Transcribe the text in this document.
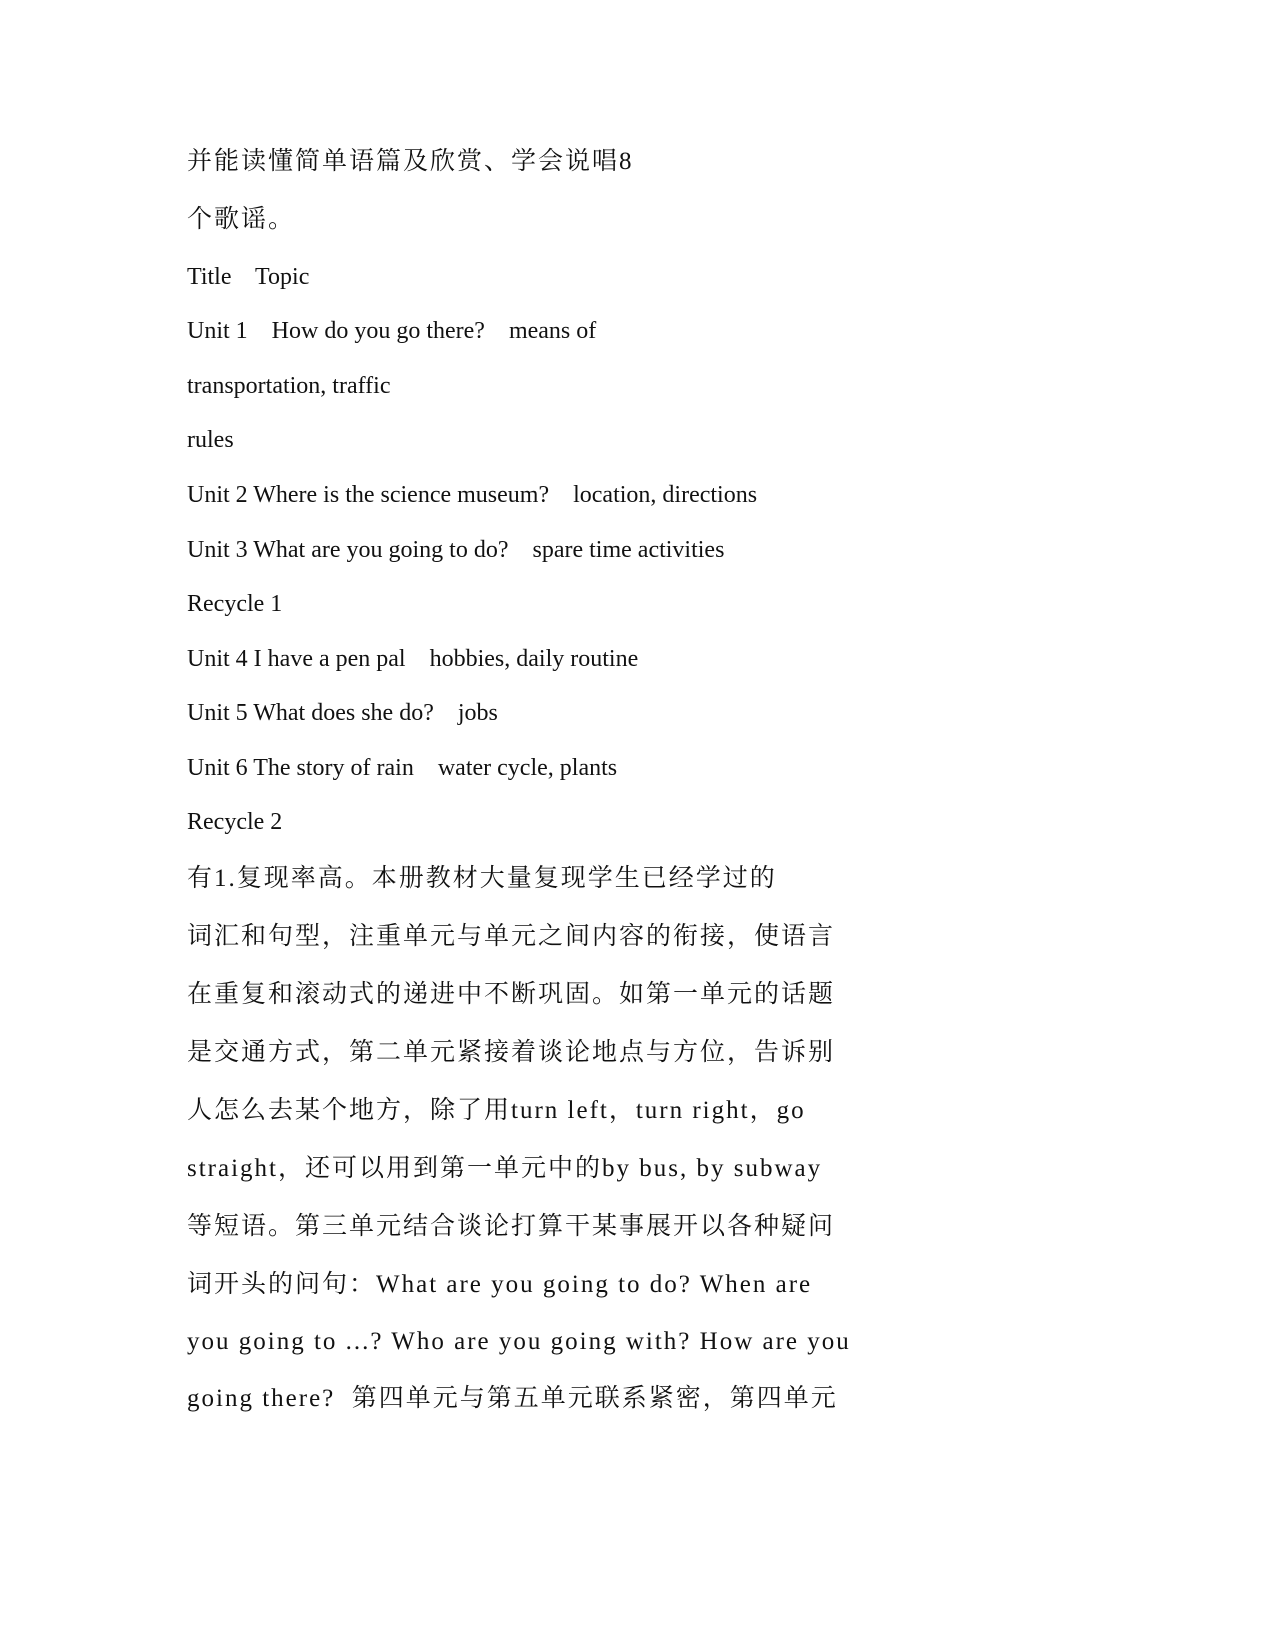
并能读懂简单语篇及欣赏、学会说唱8
个歌谣。
Title    Topic
Unit 1    How do you go there?    means of
transportation, traffic
rules
Unit 2 Where is the science museum?    location, directions
Unit 3 What are you going to do?    spare time activities
Recycle 1
Unit 4 I have a pen pal    hobbies, daily routine
Unit 5 What does she do?    jobs
Unit 6 The story of rain    water cycle, plants
Recycle 2
有1.复现率高。本册教材大量复现学生已经学过的
词汇和句型，注重单元与单元之间内容的衔接，使语言
在重复和滚动式的递进中不断巩固。如第一单元的话题
是交通方式，第二单元紧接着谈论地点与方位，告诉别
人怎么去某个地方，除了用turn left，turn right，go
straight，还可以用到第一单元中的by bus, by subway
等短语。第三单元结合谈论打算干某事展开以各种疑问
词开头的问句：What are you going to do? When are
you going to ...? Who are you going with? How are you
going there?  第四单元与第五单元联系紧密，第四单元
